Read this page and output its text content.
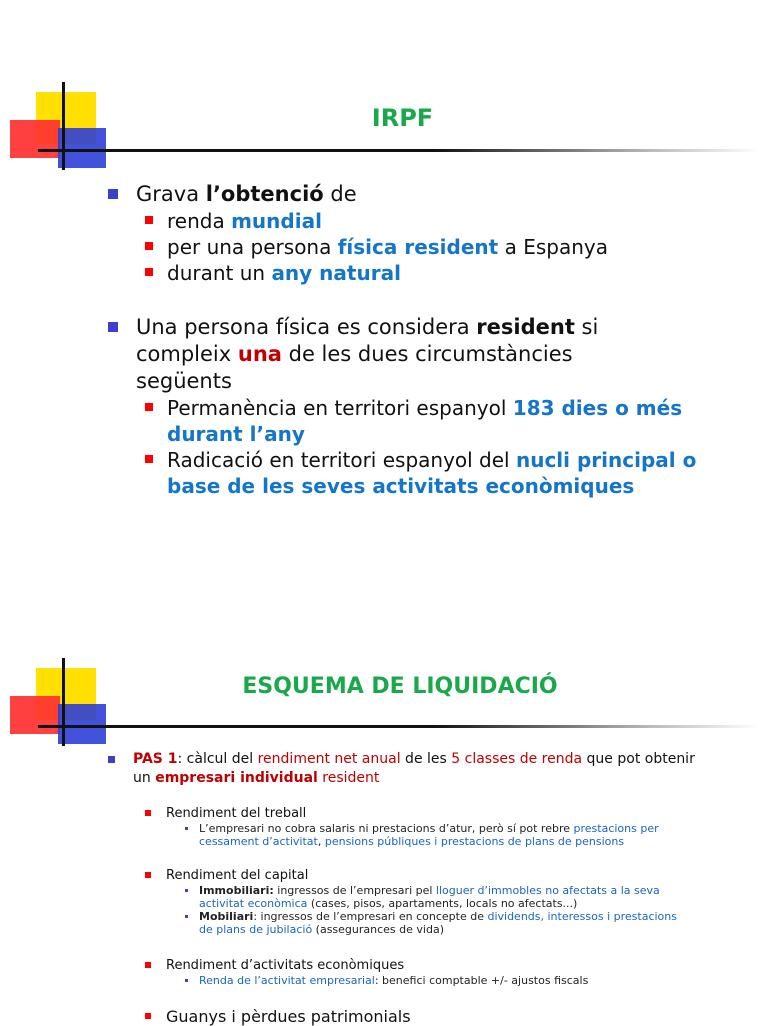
IRPF
Grava l’obtenció de
renda mundial
per una persona física resident a Espanya
durant un any natural
Una persona física es considera resident si compleix una de les dues circumstàncies següents
Permanència en territori espanyol 183 dies o més durant l’any
Radicació en territori espanyol del nucli principal o base de les seves activitats econòmiques
ESQUEMA DE LIQUIDACIÓ
PAS 1: càlcul del rendiment net anual de les 5 classes de renda que pot obtenir un empresari individual resident
Rendiment del treball
L’empresari no cobra salaris ni prestacions d’atur, però sí pot rebre prestacions per cessament d’activitat, pensions públiques i prestacions de plans de pensions
Rendiment del capital
Immobiliari: ingressos de l’empresari pel lloguer d’immobles no afectats a la seva activitat econòmica (cases, pisos, apartaments, locals no afectats...)
Mobiliari: ingressos de l’empresari en concepte de dividends, interessos i prestacions de plans de jubilació (assegurances de vida)
Rendiment d’activitats econòmiques
Renda de l’activitat empresarial: benefici comptable +/- ajustos fiscals
Guanys i pèrdues patrimonials
